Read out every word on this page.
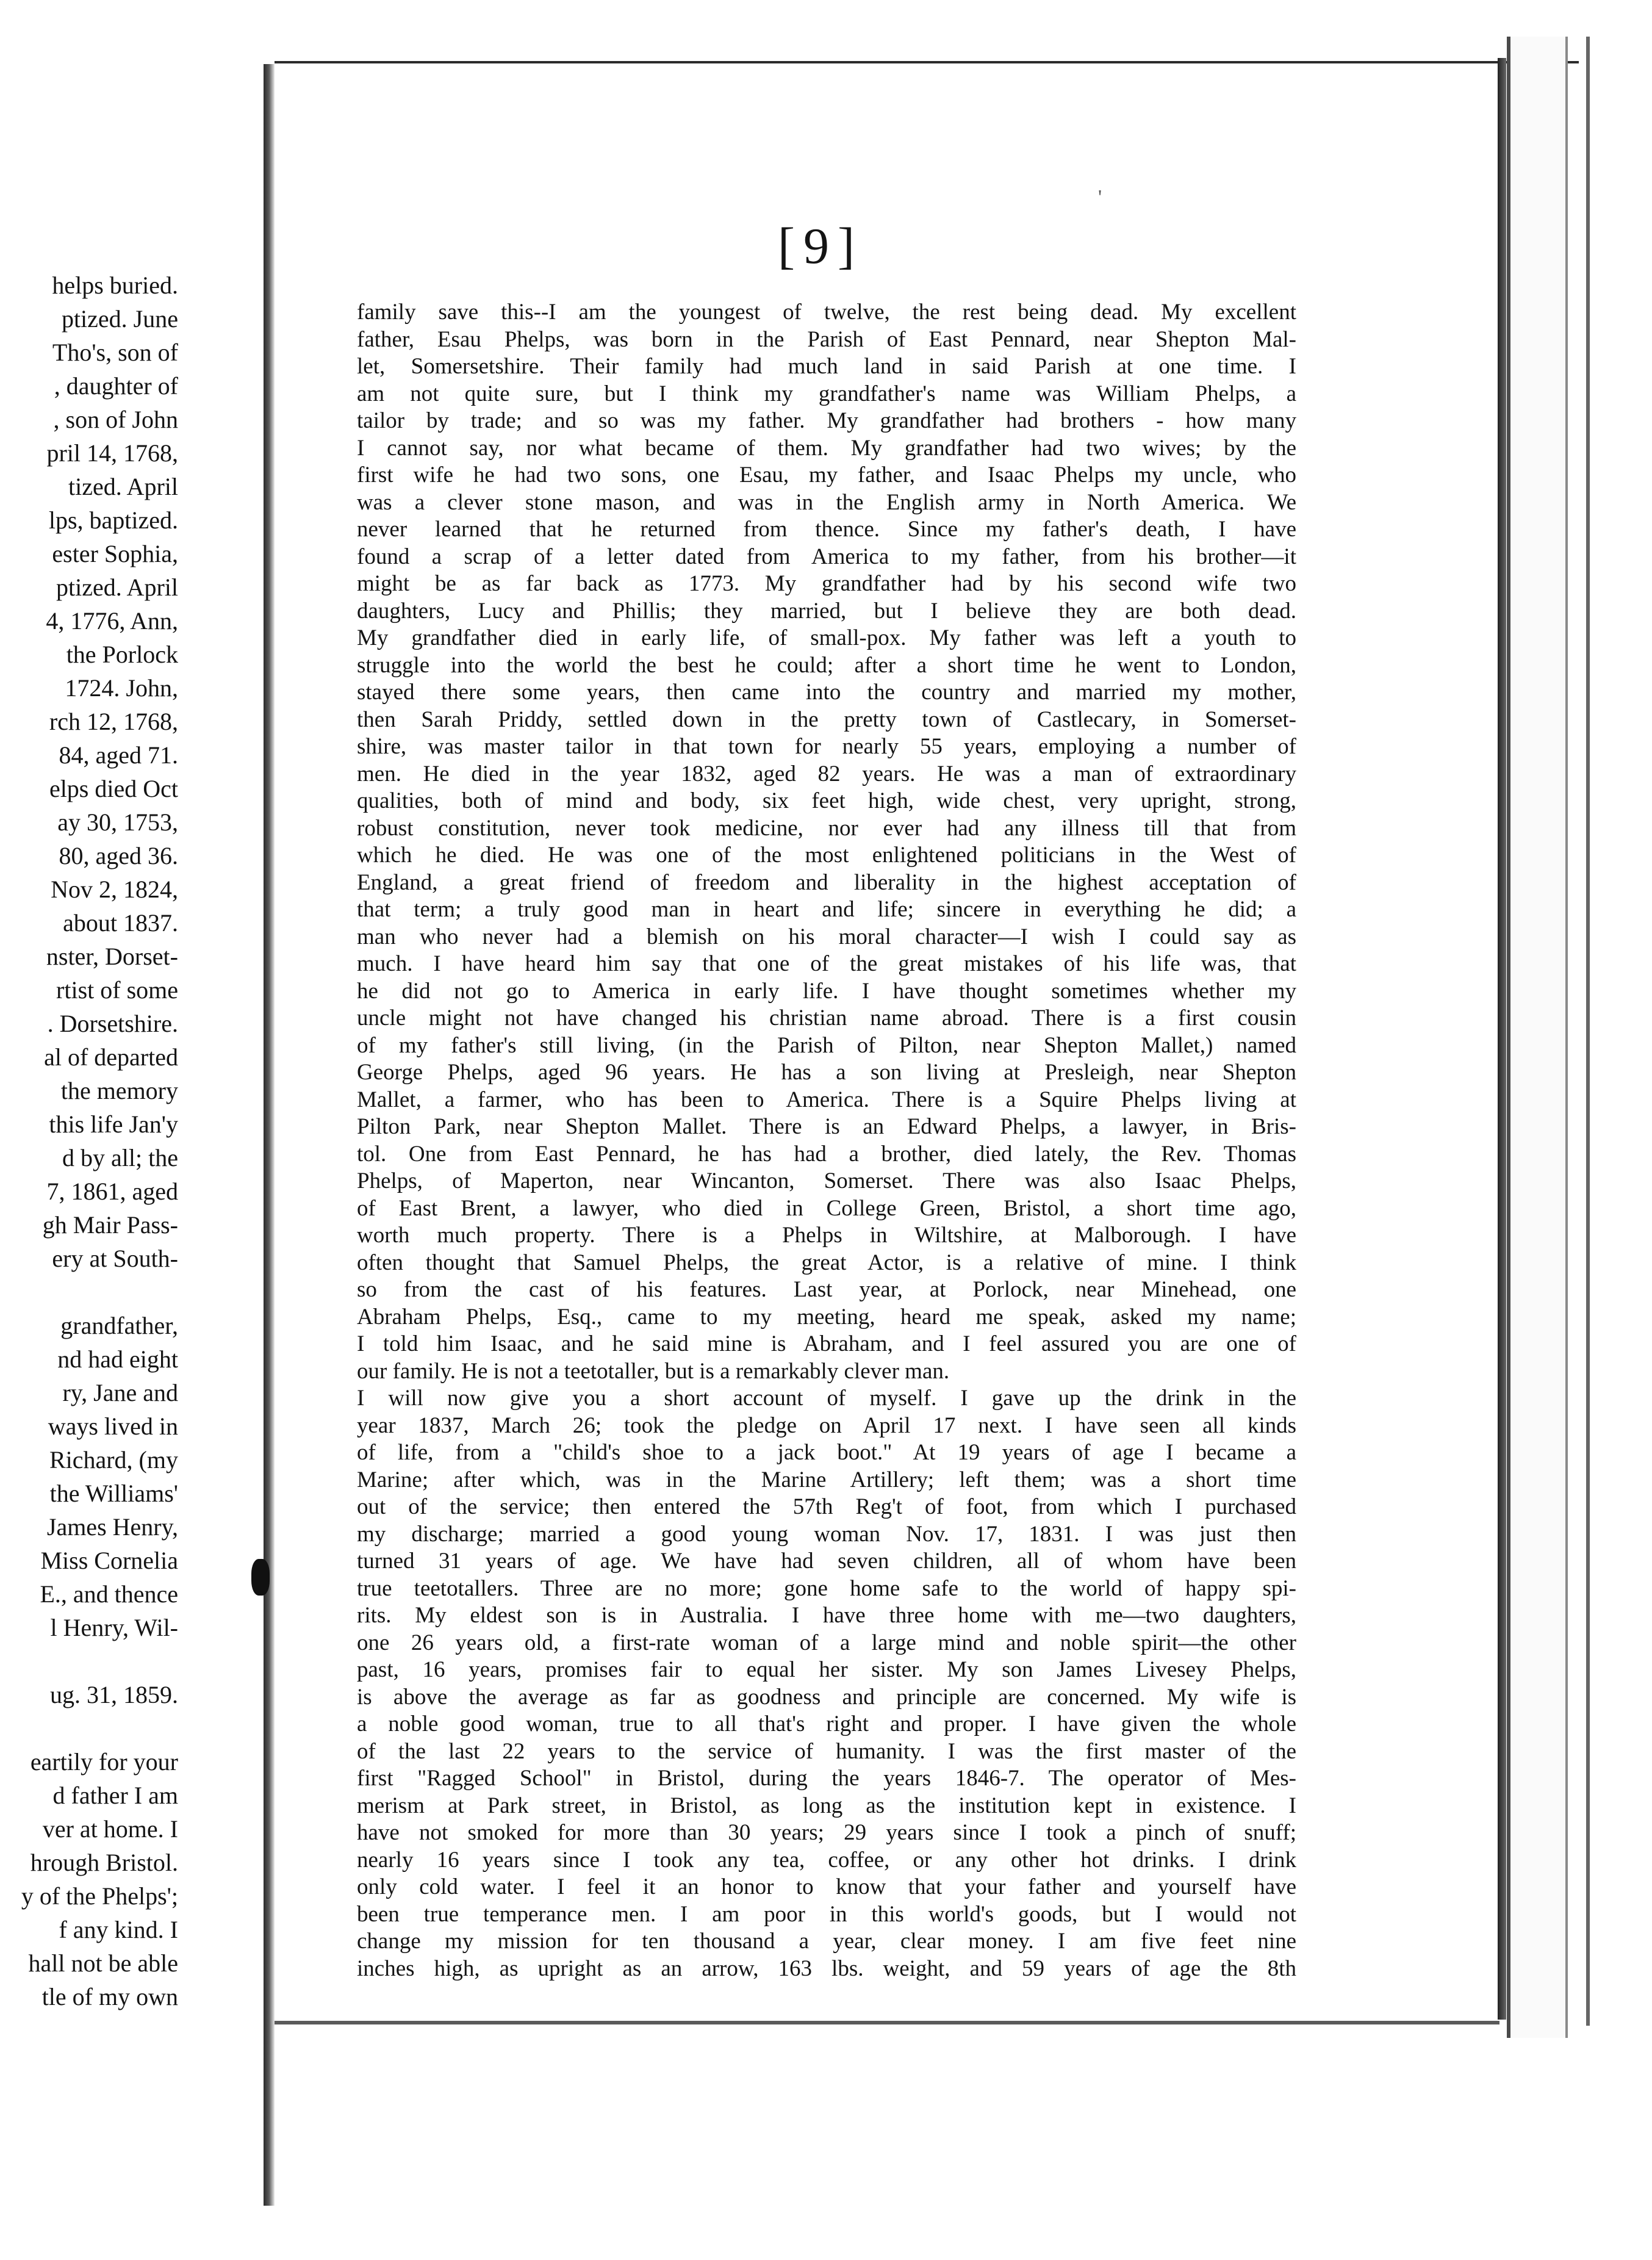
helps buried.
ptized. June
Tho's, son of
, daughter of
, son of John
pril 14, 1768,
tized. April
lps, baptized.
ester Sophia,
ptized. April
4, 1776, Ann,
the Porlock
1724. John,
rch 12, 1768,
84, aged 71.
elps died Oct
ay 30, 1753,
80, aged 36.
Nov 2, 1824,
about 1837.
nster, Dorset-
rtist of some
. Dorsetshire.
al of departed
the memory
this life Jan'y
d by all; the
7, 1861, aged
gh Mair Pass-
ery at South-
grandfather,
nd had eight
ry, Jane and
ways lived in
Richard, (my
the Williams'
James Henry,
Miss Cornelia
E., and thence
l Henry, Wil-
ug. 31, 1859.
eartily for your
d father I am
ver at home. I
hrough Bristol.
y of the Phelps';
f any kind. I
hall not be able
tle of my own
'
[9]
family save this--I am the youngest of twelve, the rest being dead. My excellent
father, Esau Phelps, was born in the Parish of East Pennard, near Shepton Mal-
let, Somersetshire. Their family had much land in said Parish at one time. I
am not quite sure, but I think my grandfather's name was William Phelps, a
tailor by trade; and so was my father. My grandfather had brothers - how many
I cannot say, nor what became of them. My grandfather had two wives; by the
first wife he had two sons, one Esau, my father, and Isaac Phelps my uncle, who
was a clever stone mason, and was in the English army in North America. We
never learned that he returned from thence. Since my father's death, I have
found a scrap of a letter dated from America to my father, from his brother—it
might be as far back as 1773. My grandfather had by his second wife two
daughters, Lucy and Phillis; they married, but I believe they are both dead.
My grandfather died in early life, of small-pox. My father was left a youth to
struggle into the world the best he could; after a short time he went to London,
stayed there some years, then came into the country and married my mother,
then Sarah Priddy, settled down in the pretty town of Castlecary, in Somerset-
shire, was master tailor in that town for nearly 55 years, employing a number of
men. He died in the year 1832, aged 82 years. He was a man of extraordinary
qualities, both of mind and body, six feet high, wide chest, very upright, strong,
robust constitution, never took medicine, nor ever had any illness till that from
which he died. He was one of the most enlightened politicians in the West of
England, a great friend of freedom and liberality in the highest acceptation of
that term; a truly good man in heart and life; sincere in everything he did; a
man who never had a blemish on his moral character—I wish I could say as
much. I have heard him say that one of the great mistakes of his life was, that
he did not go to America in early life. I have thought sometimes whether my
uncle might not have changed his christian name abroad. There is a first cousin
of my father's still living, (in the Parish of Pilton, near Shepton Mallet,) named
George Phelps, aged 96 years. He has a son living at Presleigh, near Shepton
Mallet, a farmer, who has been to America. There is a Squire Phelps living at
Pilton Park, near Shepton Mallet. There is an Edward Phelps, a lawyer, in Bris-
tol. One from East Pennard, he has had a brother, died lately, the Rev. Thomas
Phelps, of Maperton, near Wincanton, Somerset. There was also Isaac Phelps,
of East Brent, a lawyer, who died in College Green, Bristol, a short time ago,
worth much property. There is a Phelps in Wiltshire, at Malborough. I have
often thought that Samuel Phelps, the great Actor, is a relative of mine. I think
so from the cast of his features. Last year, at Porlock, near Minehead, one
Abraham Phelps, Esq., came to my meeting, heard me speak, asked my name;
I told him Isaac, and he said mine is Abraham, and I feel assured you are one of
our family. He is not a teetotaller, but is a remarkably clever man.
I will now give you a short account of myself. I gave up the drink in the
year 1837, March 26; took the pledge on April 17 next. I have seen all kinds
of life, from a "child's shoe to a jack boot." At 19 years of age I became a
Marine; after which, was in the Marine Artillery; left them; was a short time
out of the service; then entered the 57th Reg't of foot, from which I purchased
my discharge; married a good young woman Nov. 17, 1831. I was just then
turned 31 years of age. We have had seven children, all of whom have been
true teetotallers. Three are no more; gone home safe to the world of happy spi-
rits. My eldest son is in Australia. I have three home with me—two daughters,
one 26 years old, a first-rate woman of a large mind and noble spirit—the other
past, 16 years, promises fair to equal her sister. My son James Livesey Phelps,
is above the average as far as goodness and principle are concerned. My wife is
a noble good woman, true to all that's right and proper. I have given the whole
of the last 22 years to the service of humanity. I was the first master of the
first "Ragged School" in Bristol, during the years 1846-7. The operator of Mes-
merism at Park street, in Bristol, as long as the institution kept in existence. I
have not smoked for more than 30 years; 29 years since I took a pinch of snuff;
nearly 16 years since I took any tea, coffee, or any other hot drinks. I drink
only cold water. I feel it an honor to know that your father and yourself have
been true temperance men. I am poor in this world's goods, but I would not
change my mission for ten thousand a year, clear money. I am five feet nine
inches high, as upright as an arrow, 163 lbs. weight, and 59 years of age the 8th
